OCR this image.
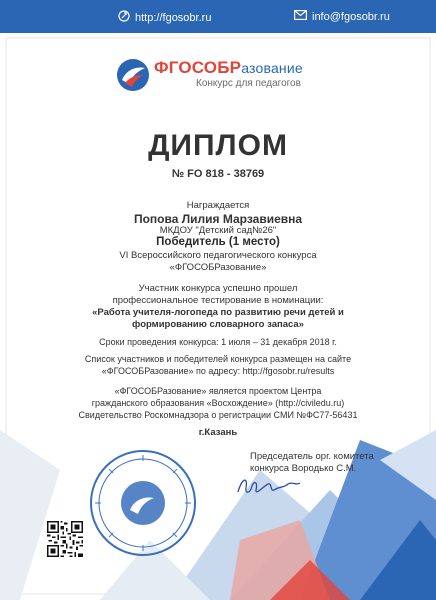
http://fgosobr.ru	info@fgosobr.ru
ФГОСОБРазование
Конкурс для педагогов
ДИПЛОМ
№ FO 818 - 38769
Награждается
Попова Лилия Марзавиевна
МКДОУ "Детский сад№26"
Победитель (1 место)
VI Всероссийского педагогического конкурса
«ФГОСОБРазование»
Участник конкурса успешно прошел
профессиональное тестирование в номинации:
«Работа учителя-логопеда по развитию речи детей и
формированию словарного запаса»
Сроки проведения конкурса: 1 июля – 31 декабря 2018 г.
Список участников и победителей конкурса размещен на сайте
«ФГОСОБРазование» по адресу: http://fgosobr.ru/results
«ФГОСОБРазование» является проектом Центра
гражданского образования «Восхождение» (http://civiledu.ru)
Свидетельство Роскомнадзора о регистрации СМИ №ФС77-56431
г.Казань
Председатель орг. комитета
конкурса Вородько С.М.
